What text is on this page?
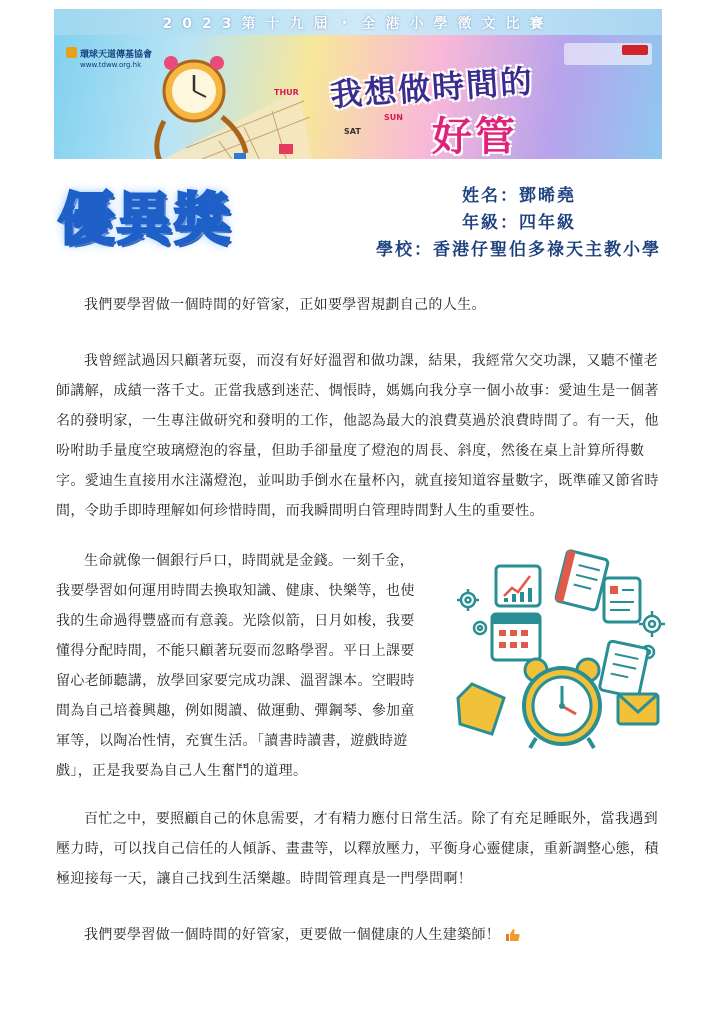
2023第十九屆・全港小學徵文比賽
環球天道傳基協會
www.tdww.org.hk
THUR 我想做時間的
好管
SAT
SUN
優異獎	姓名：鄧晞堯
年級：四年級
學校：香港仔聖伯多祿天主教小學

我們要學習做一個時間的好管家，正如要學習規劃自己的人生。

我曾經試過因只顧著玩耍，而沒有好好溫習和做功課，結果，我經常欠交功課，又聽不懂老師講解，成績一落千丈。正當我感到迷茫、惆悵時，媽媽向我分享一個小故事：愛迪生是一個著名的發明家，一生專注做研究和發明的工作，他認為最大的浪費莫過於浪費時間了。有一天，他吩咐助手量度空玻璃燈泡的容量，但助手卻量度了燈泡的周長、斜度，然後在桌上計算所得數字。愛迪生直接用水注滿燈泡，並叫助手倒水在量杯內，就直接知道容量數字，既準確又節省時間，令助手即時理解如何珍惜時間，而我瞬間明白管理時間對人生的重要性。

生命就像一個銀行戶口，時間就是金錢。一刻千金，我要學習如何運用時間去換取知識、健康、快樂等，也使我的生命過得豐盛而有意義。光陰似箭，日月如梭，我要懂得分配時間，不能只顧著玩耍而忽略學習。平日上課要留心老師聽講，放學回家要完成功課、溫習課本。空暇時間為自己培養興趣，例如閱讀、做運動、彈鋼琴、參加童軍等，以陶冶性情，充實生活。「讀書時讀書，遊戲時遊戲」，正是我要為自己人生奮鬥的道理。

百忙之中，要照顧自己的休息需要，才有精力應付日常生活。除了有充足睡眠外，當我遇到壓力時，可以找自己信任的人傾訴、畫畫等，以釋放壓力，平衡身心靈健康，重新調整心態，積極迎接每一天，讓自己找到生活樂趣。時間管理真是一門學問啊！

我們要學習做一個時間的好管家，更要做一個健康的人生建築師！
